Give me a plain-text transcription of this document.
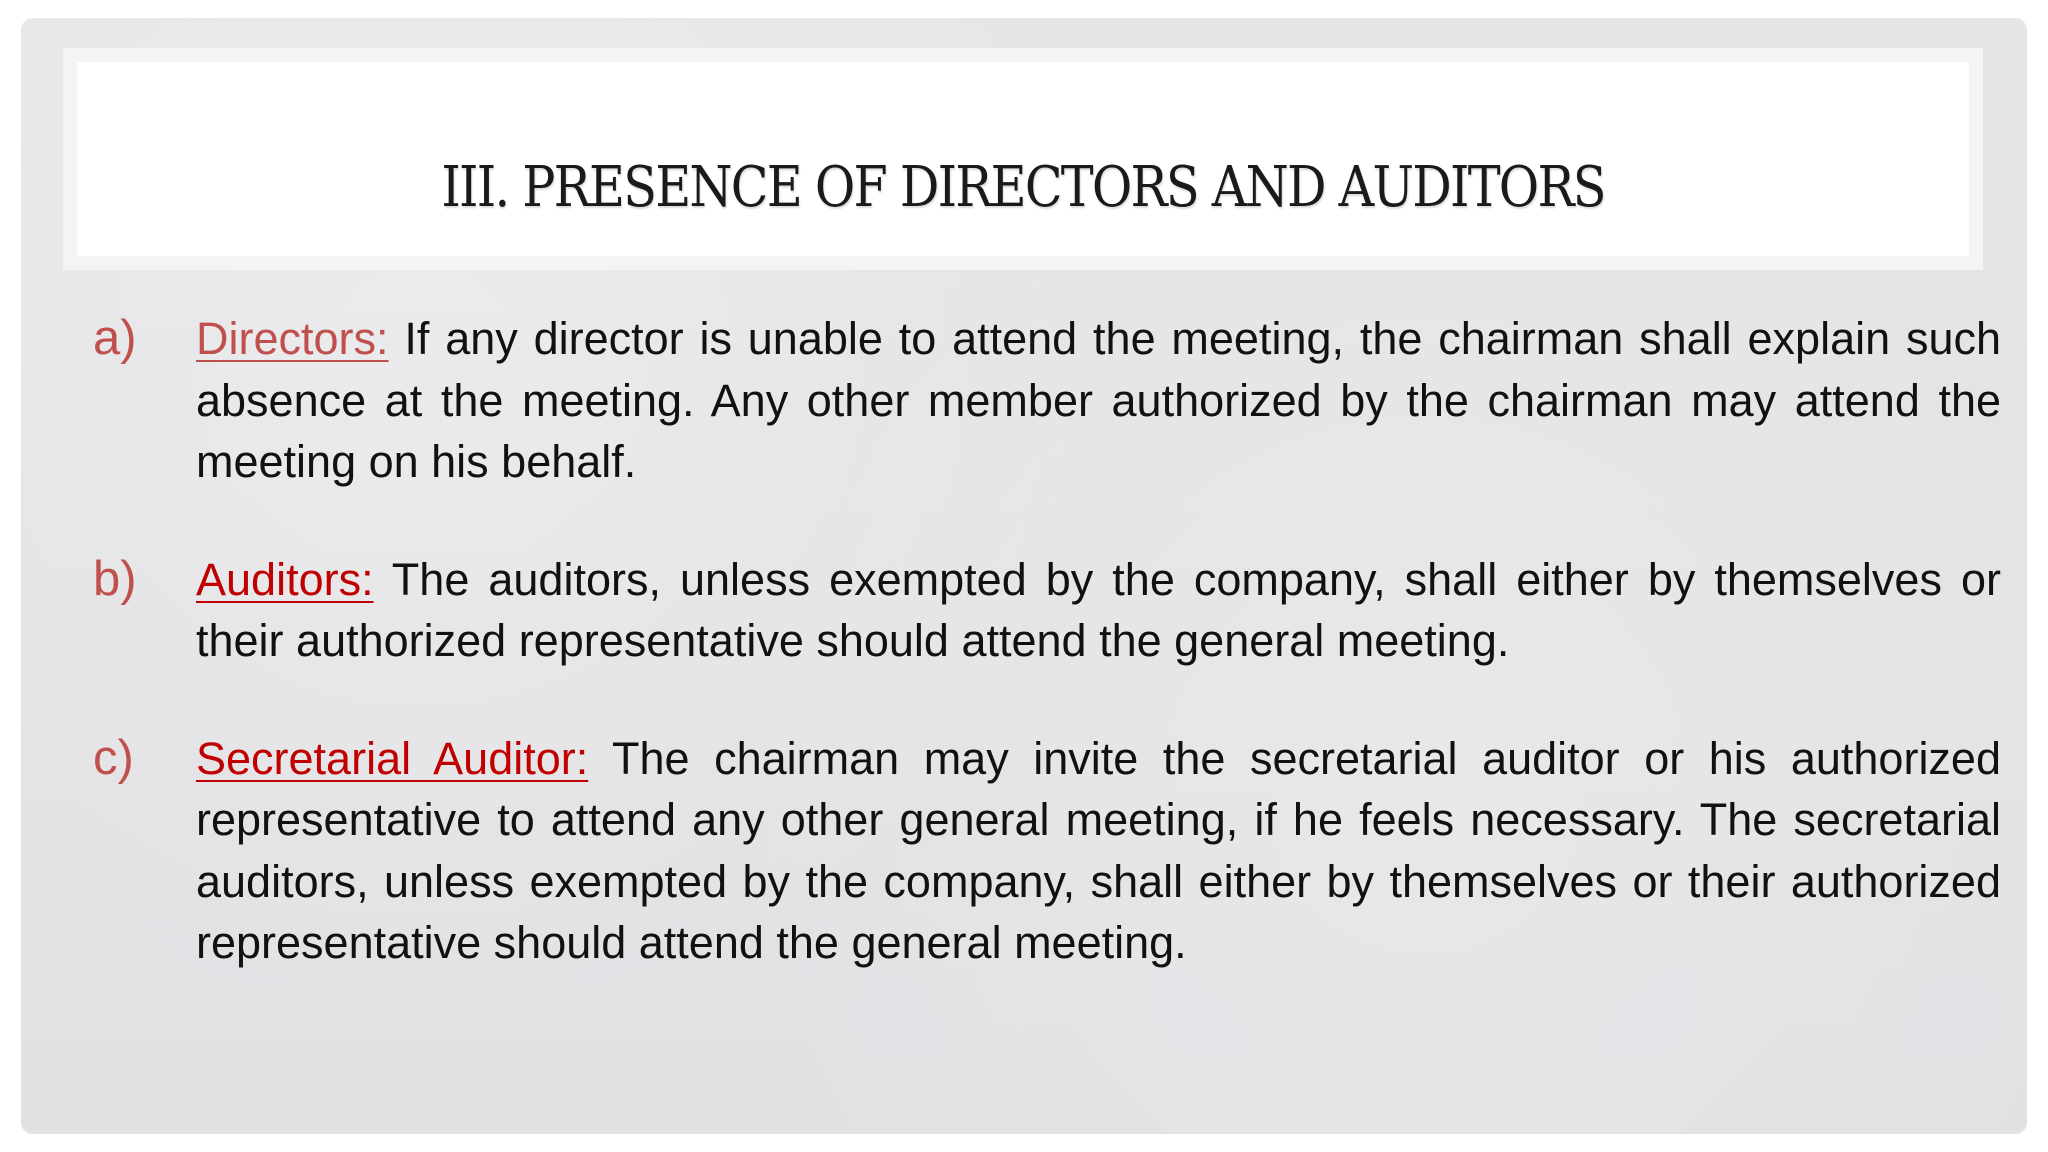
III. PRESENCE OF DIRECTORS AND AUDITORS
a)	Directors: If any director is unable to attend the meeting, the chairman shall explain such absence at the meeting. Any other member authorized by the chairman may attend the meeting on his behalf.
b)	Auditors: The auditors, unless exempted by the company, shall either by themselves or their authorized representative should attend the general meeting.
c)	Secretarial Auditor: The chairman may invite the secretarial auditor or his authorized representative to attend any other general meeting, if he feels necessary. The secretarial auditors, unless exempted by the company, shall either by themselves or their authorized representative should attend the general meeting.
